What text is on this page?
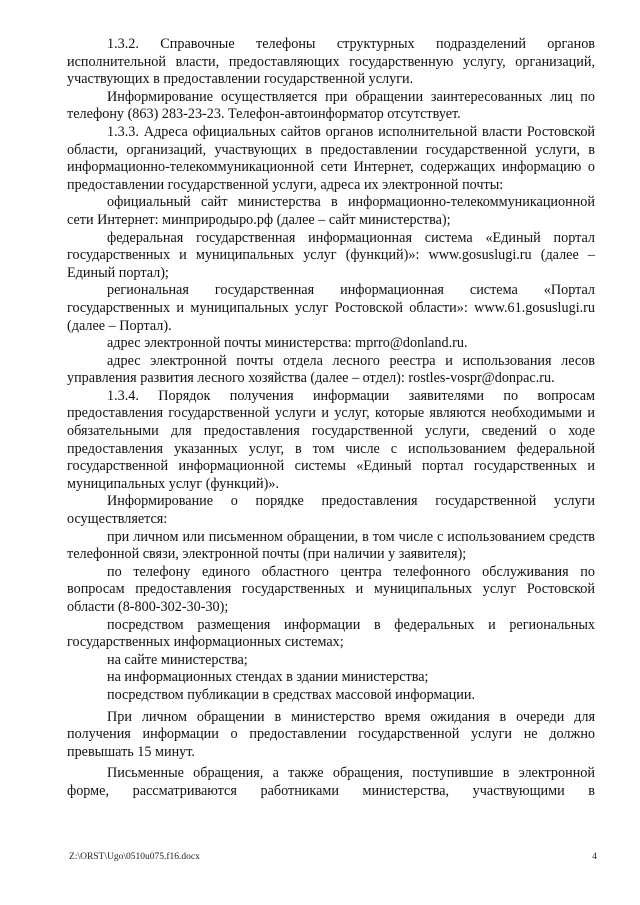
1.3.2. Справочные телефоны структурных подразделений органов исполнительной власти, предоставляющих государственную услугу, организаций, участвующих в предоставлении государственной услуги.

Информирование осуществляется при обращении заинтересованных лиц по телефону (863) 283-23-23. Телефон-автоинформатор отсутствует.

1.3.3. Адреса официальных сайтов органов исполнительной власти Ростовской области, организаций, участвующих в предоставлении государственной услуги, в информационно-телекоммуникационной сети Интернет, содержащих информацию о предоставлении государственной услуги, адреса их электронной почты:

официальный сайт министерства в информационно-телекоммуникационной сети Интернет: минприродыро.рф (далее – сайт министерства);

федеральная государственная информационная система «Единый портал государственных и муниципальных услуг (функций)»: www.gosuslugi.ru (далее – Единый портал);

региональная государственная информационная система «Портал государственных и муниципальных услуг Ростовской области»: www.61.gosuslugi.ru (далее – Портал).

адрес электронной почты министерства: mprro@donland.ru.

адрес электронной почты отдела лесного реестра и использования лесов управления развития лесного хозяйства (далее – отдел): rostles-vospr@donpac.ru.

1.3.4. Порядок получения информации заявителями по вопросам предоставления государственной услуги и услуг, которые являются необходимыми и обязательными для предоставления государственной услуги, сведений о ходе предоставления указанных услуг, в том числе с использованием федеральной государственной информационной системы «Единый портал государственных и муниципальных услуг (функций)».

Информирование о порядке предоставления государственной услуги осуществляется:

при личном или письменном обращении, в том числе с использованием средств телефонной связи, электронной почты (при наличии у заявителя);

по телефону единого областного центра телефонного обслуживания по вопросам предоставления государственных и муниципальных услуг Ростовской области (8-800-302-30-30);

посредством размещения информации в федеральных и региональных государственных информационных системах;

на сайте министерства;

на информационных стендах в здании министерства;

посредством публикации в средствах массовой информации.

При личном обращении в министерство время ожидания в очереди для получения информации о предоставлении государственной услуги не должно превышать 15 минут.

Письменные обращения, а также обращения, поступившие в электронной форме, рассматриваются работниками министерства, участвующими в

Z:\ORST\Ugo\0510u075.f16.docx	4
